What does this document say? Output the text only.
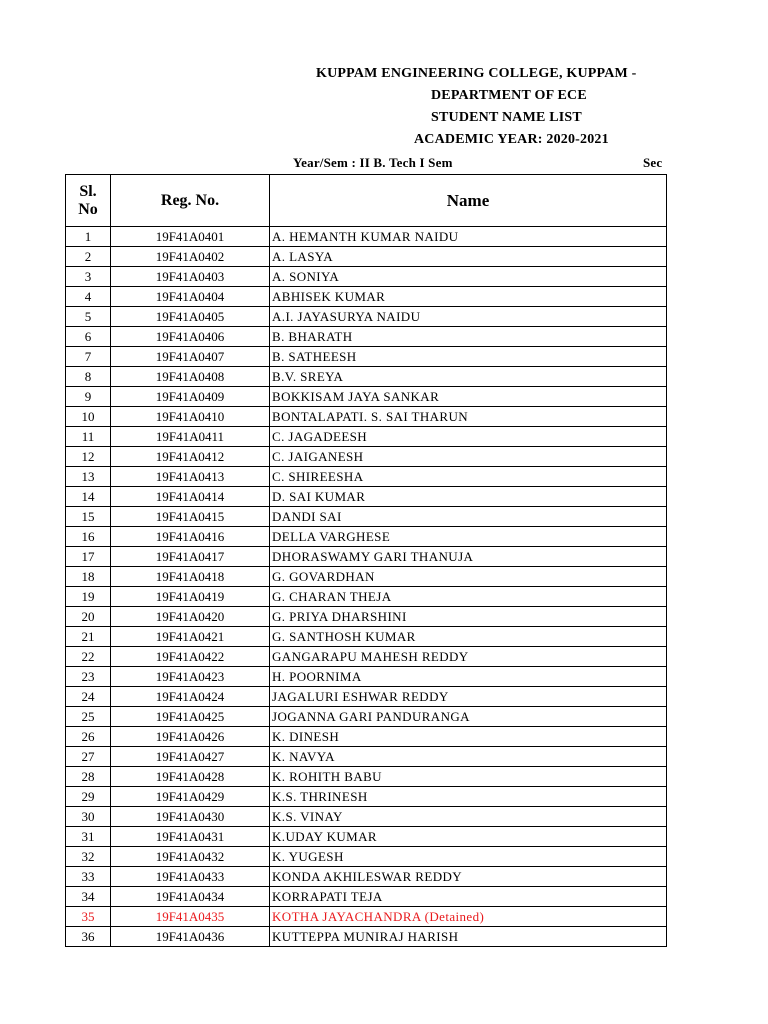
KUPPAM ENGINEERING COLLEGE, KUPPAM -
DEPARTMENT OF ECE
STUDENT NAME LIST
ACADEMIC YEAR: 2020-2021
Year/Sem : II B. Tech I Sem	Sec
Sl.
No	Reg. No.	Name
1	19F41A0401	A. HEMANTH KUMAR NAIDU
2	19F41A0402	A. LASYA
3	19F41A0403	A. SONIYA
4	19F41A0404	ABHISEK KUMAR
5	19F41A0405	A.I. JAYASURYA NAIDU
6	19F41A0406	B. BHARATH
7	19F41A0407	B. SATHEESH
8	19F41A0408	B.V. SREYA
9	19F41A0409	BOKKISAM JAYA SANKAR
10	19F41A0410	BONTALAPATI. S. SAI THARUN
11	19F41A0411	C. JAGADEESH
12	19F41A0412	C. JAIGANESH
13	19F41A0413	C. SHIREESHA
14	19F41A0414	D. SAI KUMAR
15	19F41A0415	DANDI SAI
16	19F41A0416	DELLA VARGHESE
17	19F41A0417	DHORASWAMY GARI THANUJA
18	19F41A0418	G. GOVARDHAN
19	19F41A0419	G. CHARAN THEJA
20	19F41A0420	G. PRIYA DHARSHINI
21	19F41A0421	G. SANTHOSH KUMAR
22	19F41A0422	GANGARAPU MAHESH REDDY
23	19F41A0423	H. POORNIMA
24	19F41A0424	JAGALURI ESHWAR REDDY
25	19F41A0425	JOGANNA GARI PANDURANGA
26	19F41A0426	K. DINESH
27	19F41A0427	K. NAVYA
28	19F41A0428	K. ROHITH BABU
29	19F41A0429	K.S. THRINESH
30	19F41A0430	K.S. VINAY
31	19F41A0431	K.UDAY KUMAR
32	19F41A0432	K. YUGESH
33	19F41A0433	KONDA AKHILESWAR REDDY
34	19F41A0434	KORRAPATI TEJA
35	19F41A0435	KOTHA JAYACHANDRA (Detained)
36	19F41A0436	KUTTEPPA MUNIRAJ HARISH
